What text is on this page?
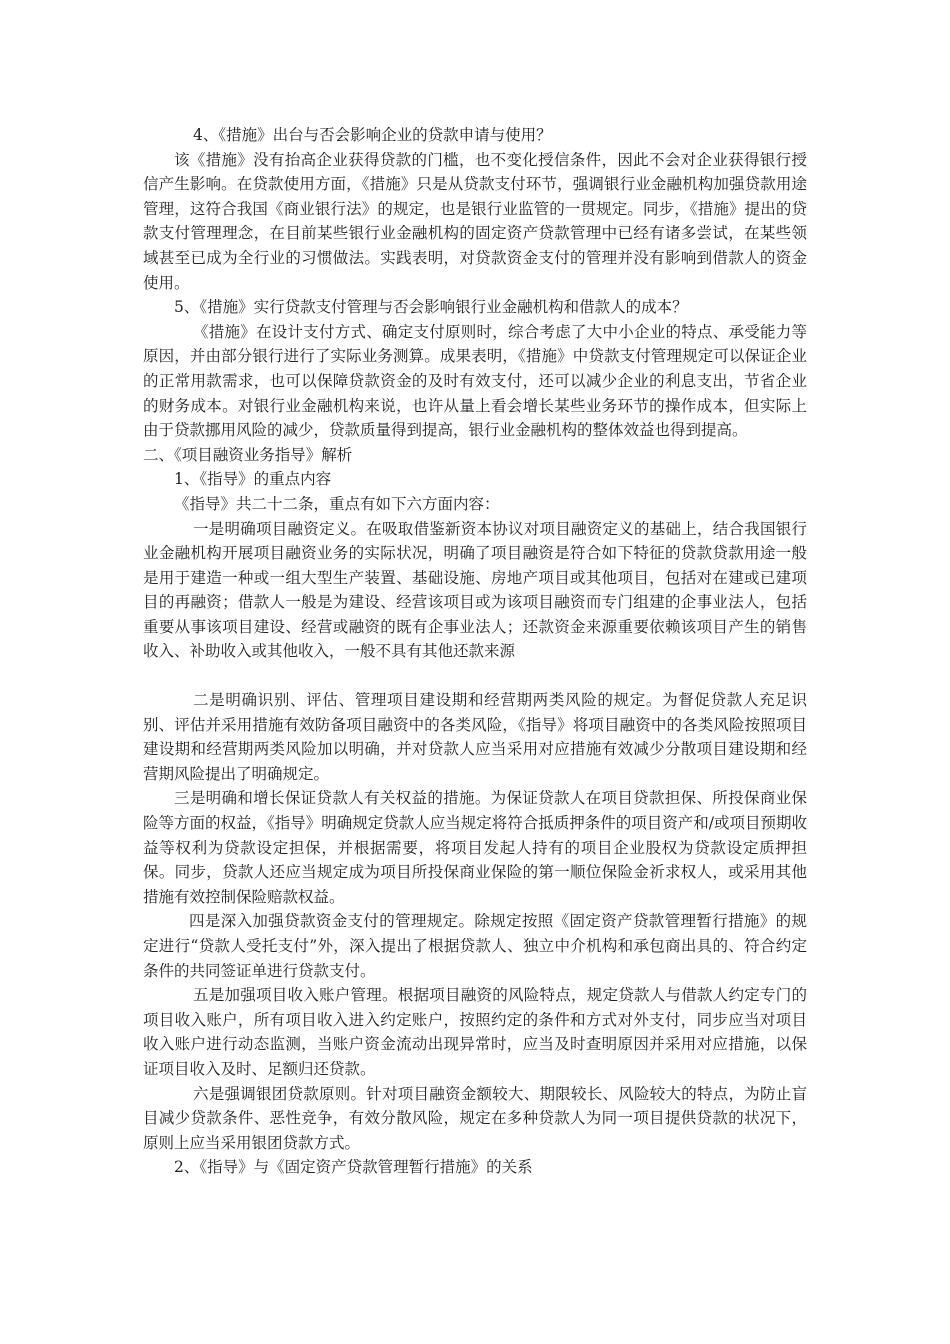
4、《措施》出台与否会影响企业的贷款申请与使用？

该《措施》没有抬高企业获得贷款的门槛，也不变化授信条件，因此不会对企业获得银行授信产生影响。在贷款使用方面，《措施》只是从贷款支付环节，强调银行业金融机构加强贷款用途管理，这符合我国《商业银行法》的规定，也是银行业监管的一贯规定。同步，《措施》提出的贷款支付管理理念，在目前某些银行业金融机构的固定资产贷款管理中已经有诸多尝试，在某些领域甚至已成为全行业的习惯做法。实践表明，对贷款资金支付的管理并没有影响到借款人的资金使用。

5、《措施》实行贷款支付管理与否会影响银行业金融机构和借款人的成本？

《措施》在设计支付方式、确定支付原则时，综合考虑了大中小企业的特点、承受能力等原因，并由部分银行进行了实际业务测算。成果表明，《措施》中贷款支付管理规定可以保证企业的正常用款需求，也可以保障贷款资金的及时有效支付，还可以减少企业的利息支出，节省企业的财务成本。对银行业金融机构来说，也许从量上看会增长某些业务环节的操作成本，但实际上由于贷款挪用风险的减少，贷款质量得到提高，银行业金融机构的整体效益也得到提高。

二、《项目融资业务指导》解析

1、《指导》的重点内容

《指导》共二十二条，重点有如下六方面内容：

一是明确项目融资定义。在吸取借鉴新资本协议对项目融资定义的基础上，结合我国银行业金融机构开展项目融资业务的实际状况，明确了项目融资是符合如下特征的贷款贷款用途一般是用于建造一种或一组大型生产装置、基础设施、房地产项目或其他项目，包括对在建或已建项目的再融资；借款人一般是为建设、经营该项目或为该项目融资而专门组建的企事业法人，包括重要从事该项目建设、经营或融资的既有企事业法人；还款资金来源重要依赖该项目产生的销售收入、补助收入或其他收入，一般不具有其他还款来源

二是明确识别、评估、管理项目建设期和经营期两类风险的规定。为督促贷款人充足识别、评估并采用措施有效防备项目融资中的各类风险，《指导》将项目融资中的各类风险按照项目建设期和经营期两类风险加以明确，并对贷款人应当采用对应措施有效减少分散项目建设期和经营期风险提出了明确规定。

三是明确和增长保证贷款人有关权益的措施。为保证贷款人在项目贷款担保、所投保商业保险等方面的权益，《指导》明确规定贷款人应当规定将符合抵质押条件的项目资产和/或项目预期收益等权利为贷款设定担保，并根据需要，将项目发起人持有的项目企业股权为贷款设定质押担保。同步，贷款人还应当规定成为项目所投保商业保险的第一顺位保险金祈求权人，或采用其他措施有效控制保险赔款权益。

四是深入加强贷款资金支付的管理规定。除规定按照《固定资产贷款管理暂行措施》的规定进行“贷款人受托支付”外，深入提出了根据贷款人、独立中介机构和承包商出具的、符合约定条件的共同签证单进行贷款支付。

五是加强项目收入账户管理。根据项目融资的风险特点，规定贷款人与借款人约定专门的项目收入账户，所有项目收入进入约定账户，按照约定的条件和方式对外支付，同步应当对项目收入账户进行动态监测，当账户资金流动出现异常时，应当及时查明原因并采用对应措施，以保证项目收入及时、足额归还贷款。

六是强调银团贷款原则。针对项目融资金额较大、期限较长、风险较大的特点，为防止盲目减少贷款条件、恶性竞争，有效分散风险，规定在多种贷款人为同一项目提供贷款的状况下，原则上应当采用银团贷款方式。

2、《指导》与《固定资产贷款管理暂行措施》的关系
